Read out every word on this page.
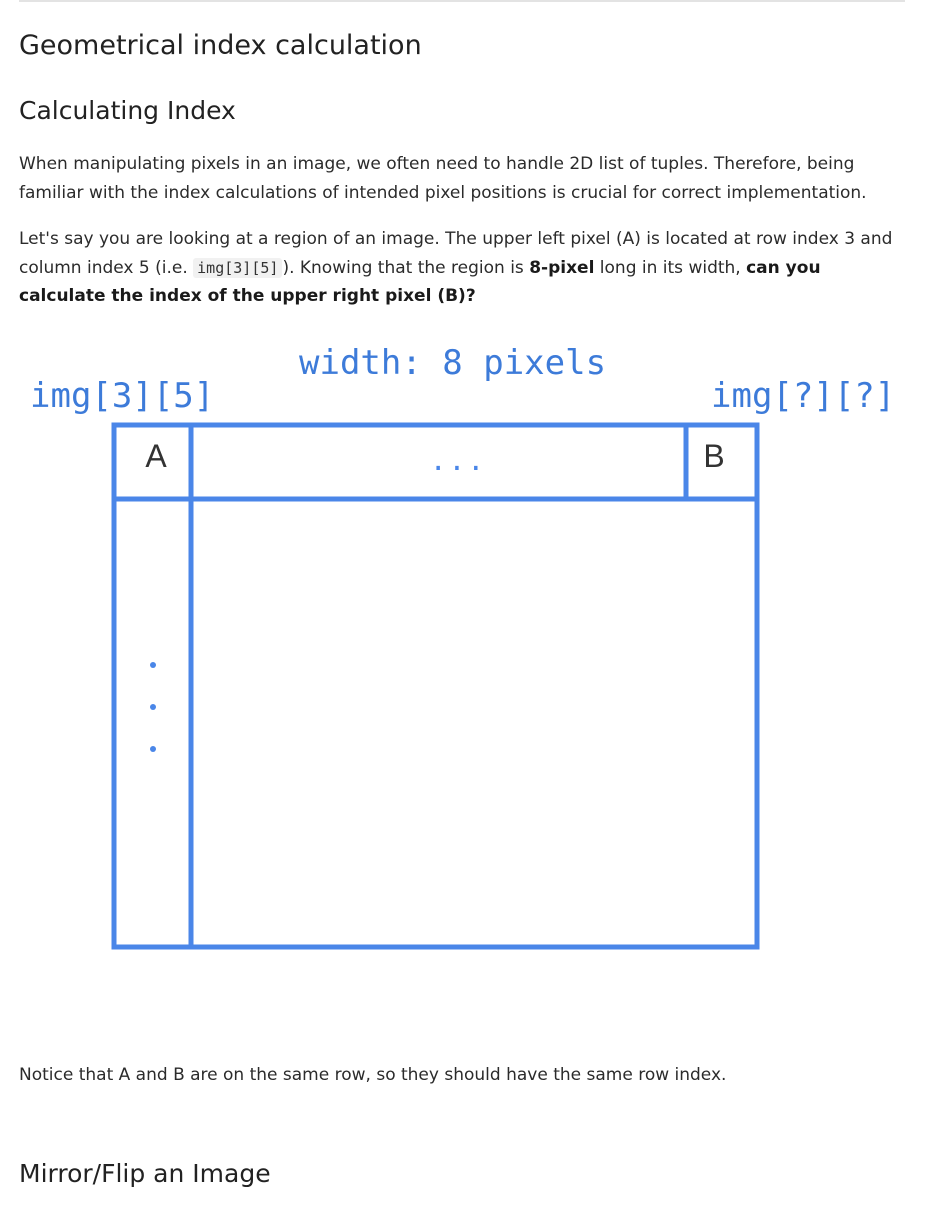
Geometrical index calculation
Calculating Index

When manipulating pixels in an image, we often need to handle 2D list of tuples. Therefore, being familiar with the index calculations of intended pixel positions is crucial for correct implementation.

Let's say you are looking at a region of an image. The upper left pixel (A) is located at row index 3 and column index 5 (i.e. img[3][5] ). Knowing that the region is 8-pixel long in its width, can you calculate the index of the upper right pixel (B)?

width: 8 pixels
img[3][5]	img[?][?]
A	B
...

Notice that A and B are on the same row, so they should have the same row index.

Mirror/Flip an Image
